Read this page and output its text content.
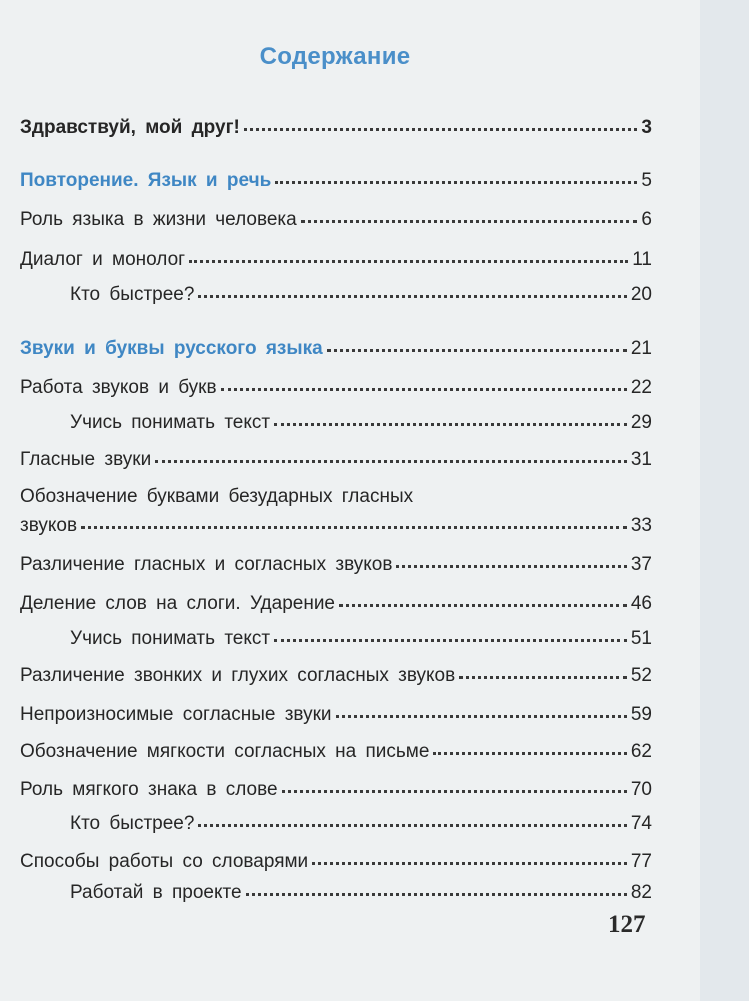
Содержание
Здравствуй, мой друг!	3
Повторение. Язык и речь	5
Роль языка в жизни человека	6
Диалог и монолог	11
Кто быстрее?	20
Звуки и буквы русского языка	21
Работа звуков и букв	22
Учись понимать текст	29
Гласные звуки	31
Обозначение буквами безударных гласных
звуков	33
Различение гласных и согласных звуков	37
Деление слов на слоги. Ударение	46
Учись понимать текст	51
Различение звонких и глухих согласных звуков	52
Непроизносимые согласные звуки	59
Обозначение мягкости согласных на письме	62
Роль мягкого знака в слове	70
Кто быстрее?	74
Способы работы со словарями	77
Работай в проекте	82
127
